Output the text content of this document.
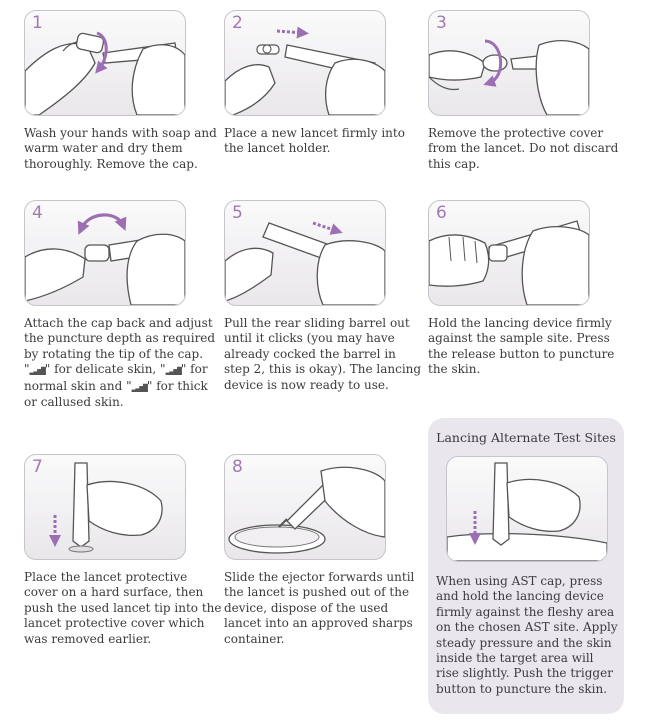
1

Wash your hands with soap and warm water and dry them thoroughly. Remove the cap.

2

Place a new lancet firmly into the lancet holder.

3

Remove the protective cover from the lancet. Do not discard this cap.

4

Attach the cap back and adjust the puncture depth as required by rotating the tip of the cap. "▂▃▅▇" for delicate skin, "▂▃▅▇" for normal skin and "▂▃▅▇" for thick or callused skin.

5

Pull the rear sliding barrel out until it clicks (you may have already cocked the barrel in step 2, this is okay). The lancing device is now ready to use.

6

Hold the lancing device firmly against the sample site. Press the release button to puncture the skin.

7

Place the lancet protective cover on a hard surface, then push the used lancet tip into the lancet protective cover which was removed earlier.

8

Slide the ejector forwards until the lancet is pushed out of the device, dispose of the used lancet into an approved sharps container.

Lancing Alternate Test Sites

When using AST cap, press and hold the lancing device firmly against the fleshy area on the chosen AST site. Apply steady pressure and the skin inside the target area will rise slightly. Push the trigger button to puncture the skin.
